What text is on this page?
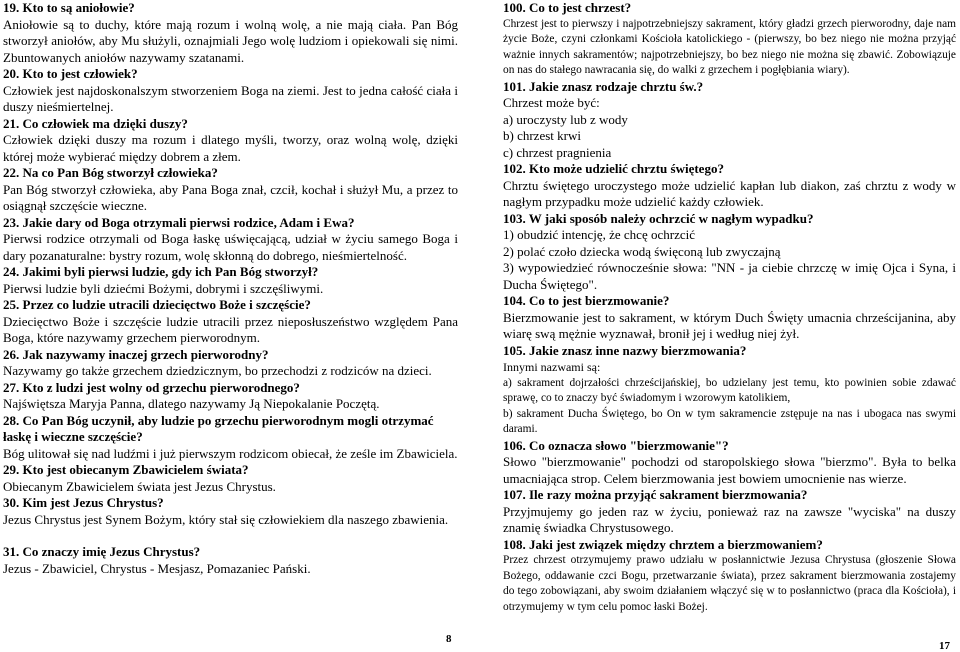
19. Kto to są aniołowie?

Aniołowie są to duchy, które mają rozum i wolną wolę, a nie mają ciała. Pan Bóg stworzył aniołów, aby Mu służyli, oznajmiali Jego wolę ludziom i opiekowali się nimi. Zbuntowanych aniołów nazywamy szatanami.

20. Kto to jest człowiek?

Człowiek jest najdoskonalszym stworzeniem Boga na ziemi. Jest to jedna całość ciała i duszy nieśmiertelnej.

21. Co człowiek ma dzięki duszy?

Człowiek dzięki duszy ma rozum i dlatego myśli, tworzy, oraz wolną wolę, dzięki której może wybierać między dobrem a złem.

22. Na co Pan Bóg stworzył człowieka?

Pan Bóg stworzył człowieka, aby Pana Boga znał, czcił, kochał i służył Mu, a przez to osiągnął szczęście wieczne.

23. Jakie dary od Boga otrzymali pierwsi rodzice, Adam i Ewa?

Pierwsi rodzice otrzymali od Boga łaskę uświęcającą, udział w życiu samego Boga i dary pozanaturalne: bystry rozum, wolę skłonną do dobrego, nieśmiertelność.

24. Jakimi byli pierwsi ludzie, gdy ich Pan Bóg stworzył?

Pierwsi ludzie byli dziećmi Bożymi, dobrymi i szczęśliwymi.

25. Przez co ludzie utracili dziecięctwo Boże i szczęście?

Dziecięctwo Boże i szczęście ludzie utracili przez nieposłuszeństwo względem Pana Boga, które nazywamy grzechem pierworodnym.

26. Jak nazywamy inaczej grzech pierworodny?

Nazywamy go także grzechem dziedzicznym, bo przechodzi z rodziców na dzieci.

27. Kto z ludzi jest wolny od grzechu pierworodnego?

Najświętsza Maryja Panna, dlatego nazywamy Ją Niepokalanie Poczętą.

28. Co Pan Bóg uczynił, aby ludzie po grzechu pierworodnym mogli otrzymać łaskę i wieczne szczęście?

Bóg ulitował się nad ludźmi i już pierwszym rodzicom obiecał, że ześle im Zbawiciela.

29. Kto jest obiecanym Zbawicielem świata?

Obiecanym Zbawicielem świata jest Jezus Chrystus.

30. Kim jest Jezus Chrystus?

Jezus Chrystus jest Synem Bożym, który stał się człowiekiem dla naszego zbawienia.

31. Co znaczy imię Jezus Chrystus?

Jezus - Zbawiciel, Chrystus - Mesjasz, Pomazaniec Pański.

8

100. Co to jest chrzest?

Chrzest jest to pierwszy i najpotrzebniejszy sakrament, który gładzi grzech pierworodny, daje nam życie Boże, czyni członkami Kościoła katolickiego - (pierwszy, bo bez niego nie można przyjąć ważnie innych sakramentów; najpotrzebniejszy, bo bez niego nie można się zbawić. Zobowiązuje on nas do stałego nawracania się, do walki z grzechem i pogłębiania wiary).

101. Jakie znasz rodzaje chrztu św.?

Chrzest może być:

a) uroczysty lub z wody

b) chrzest krwi

c) chrzest pragnienia

102. Kto może udzielić chrztu świętego?

Chrztu świętego uroczystego może udzielić kapłan lub diakon, zaś chrztu z wody w nagłym przypadku może udzielić każdy człowiek.

103. W jaki sposób należy ochrzcić w nagłym wypadku?

1) obudzić intencję, że chcę ochrzcić

2) polać czoło dziecka wodą święconą lub zwyczajną

3) wypowiedzieć równocześnie słowa: "NN - ja ciebie chrzczę w imię Ojca i Syna, i Ducha Świętego".

104. Co to jest bierzmowanie?

Bierzmowanie jest to sakrament, w którym Duch Święty umacnia chrześcijanina, aby wiarę swą mężnie wyznawał, bronił jej i według niej żył.

105. Jakie znasz inne nazwy bierzmowania?

Innymi nazwami są:

a) sakrament dojrzałości chrześcijańskiej, bo udzielany jest temu, kto powinien sobie zdawać sprawę, co to znaczy być świadomym i wzorowym katolikiem,

b) sakrament Ducha Świętego, bo On w tym sakramencie zstępuje na nas i ubogaca nas swymi darami.

106. Co oznacza słowo "bierzmowanie"?

Słowo "bierzmowanie" pochodzi od staropolskiego słowa "bierzmo". Była to belka umacniająca strop. Celem bierzmowania jest bowiem umocnienie nas wierze.

107. Ile razy można przyjąć sakrament bierzmowania?

Przyjmujemy go jeden raz w życiu, ponieważ raz na zawsze "wyciska" na duszy znamię świadka Chrystusowego.

108. Jaki jest związek między chrztem a bierzmowaniem?

Przez chrzest otrzymujemy prawo udziału w posłannictwie Jezusa Chrystusa (głoszenie Słowa Bożego, oddawanie czci Bogu, przetwarzanie świata), przez sakrament bierzmowania zostajemy do tego zobowiązani, aby swoim działaniem włączyć się w to posłannictwo (praca dla Kościoła), i otrzymujemy w tym celu pomoc łaski Bożej.

17
